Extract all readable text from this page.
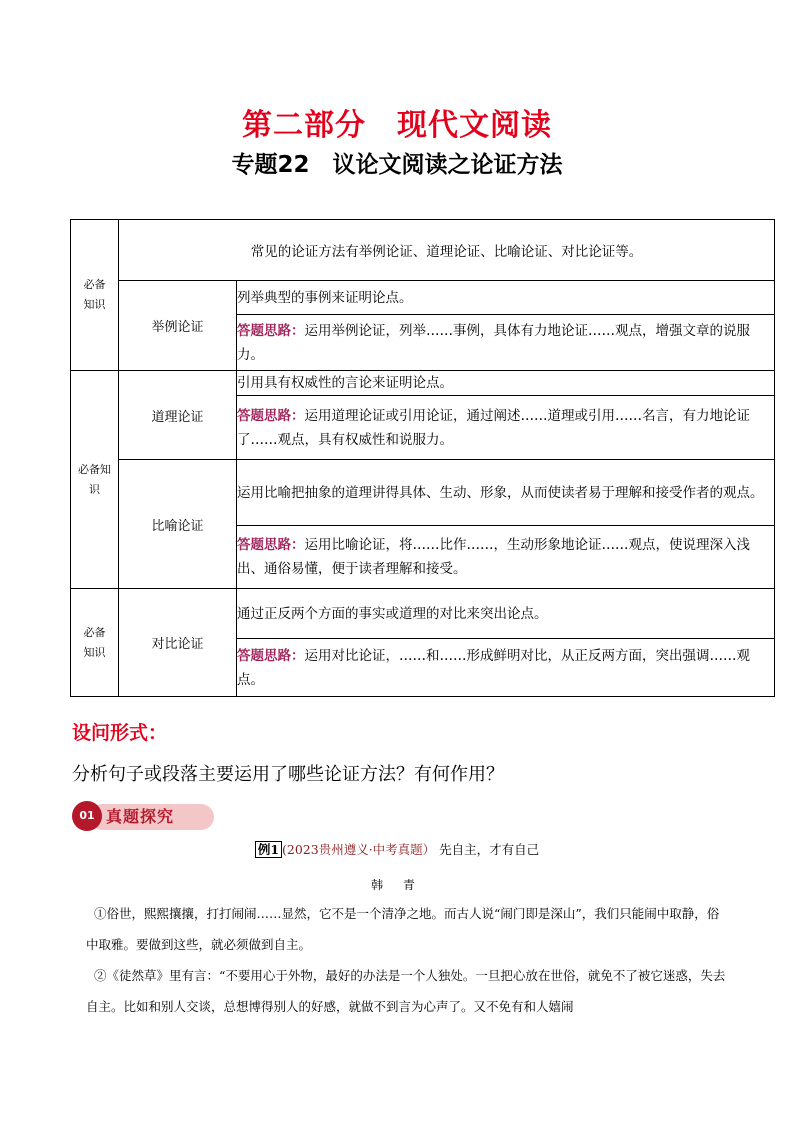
第二部分　现代文阅读
专题22　议论文阅读之论证方法
必备
知识	常见的论证方法有举例论证、道理论证、比喻论证、对比论证等。	
	举例论证	列举典型的事例来证明论点。
		答题思路：运用举例论证，列举……事例，具体有力地论证……观点，增强文章的说服力。
必备知
识	道理论证	引用具有权威性的言论来证明论点。
		答题思路：运用道理论证或引用论证，通过阐述……道理或引用……名言，有力地论证了……观点，具有权威性和说服力。
	比喻论证	运用比喻把抽象的道理讲得具体、生动、形象，从而使读者易于理解和接受作者的观点。
		答题思路：运用比喻论证，将……比作……，生动形象地论证……观点，使说理深入浅出、通俗易懂，便于读者理解和接受。
必备
知识	对比论证	通过正反两个方面的事实或道理的对比来突出论点。
		答题思路：运用对比论证，……和……形成鲜明对比，从正反两方面，突出强调……观点。
设问形式：
分析句子或段落主要运用了哪些论证方法？有何作用？
01 真题探究
例1 (2023贵州遵义·中考真题） 先自主，才有自己
韩 青
①俗世，熙熙攘攘，打打闹闹……显然，它不是一个清净之地。而古人说“闹门即是深山”，我们只能闹中取静，俗中取雅。要做到这些，就必须做到自主。
②《徒然草》里有言：“不要用心于外物，最好的办法是一个人独处。一旦把心放在世俗，就免不了被它迷惑，失去自主。比如和别人交谈，总想博得别人的好感，就做不到言为心声了。又不免有和人嬉闹
